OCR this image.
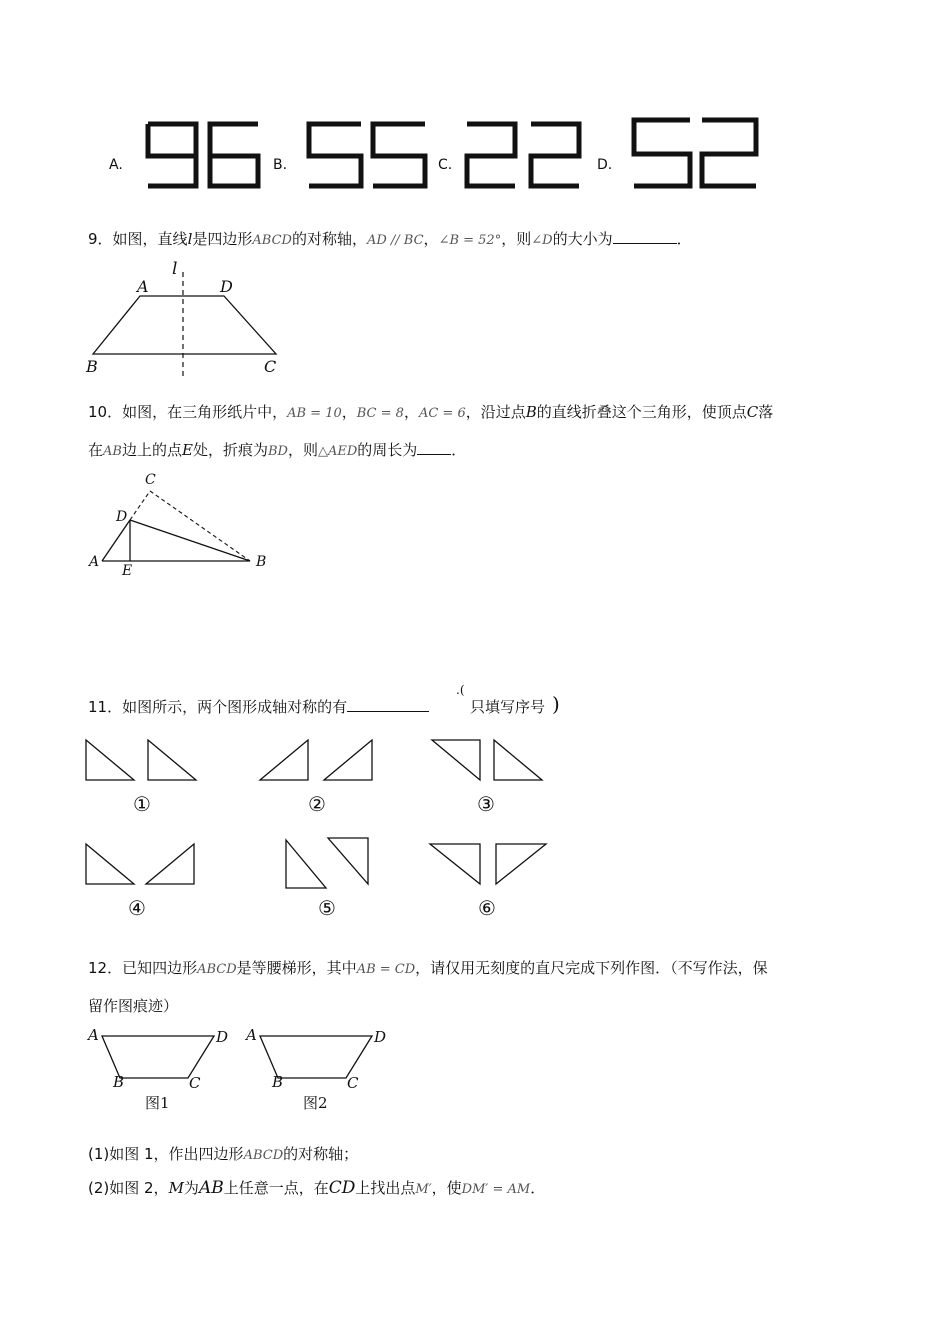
A.	B.	C.	D.
9．如图，直线l是四边形ABCD的对称轴，AD // BC，∠B = 52°，则∠D的大小为	．
A	D
B	C
l
10．如图，在三角形纸片中，AB = 10，BC = 8，AC = 6，沿过点B的直线折叠这个三角形，使顶点C落
在AB边上的点E处，折痕为BD，则△AED的周长为 ．
C
D
A
E
B
11．如图所示，两个图形成轴对称的有
.(
只填写序号 )
①	②	③
④	⑤	⑥
12．已知四边形ABCD是等腰梯形，其中AB = CD，请仅用无刻度的直尺完成下列作图．（不写作法，保
留作图痕迹）
A	D
B	C
图1
A	D
B	C
图2
(1)如图 1，作出四边形ABCD的对称轴；
(2)如图 2，M为AB上任意一点，在CD上找出点M′，使DM′ = AM．
